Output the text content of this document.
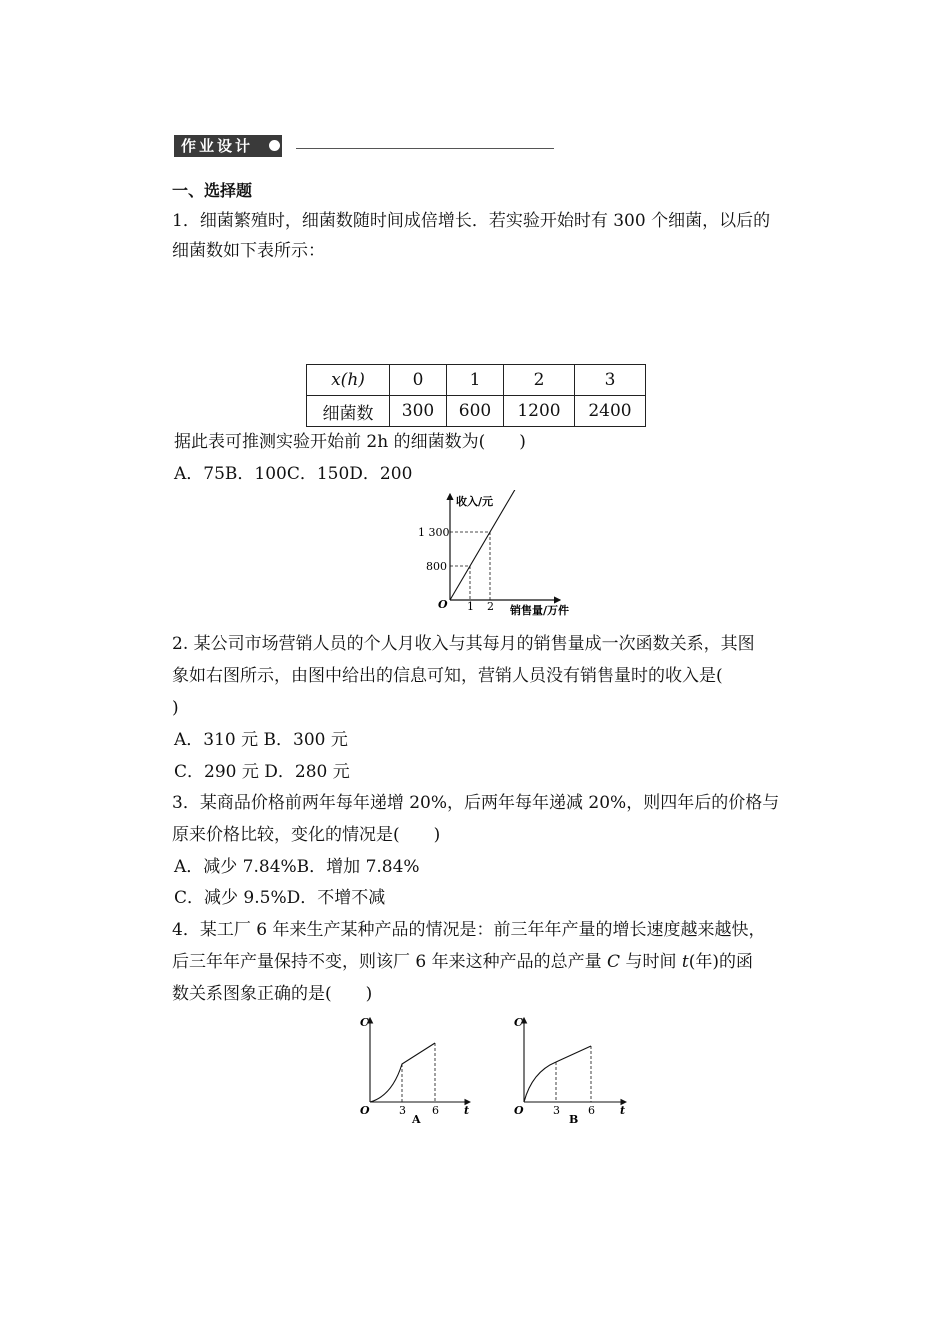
作业设计
一、选择题
1．细菌繁殖时，细菌数随时间成倍增长．若实验开始时有 300 个细菌，以后的
细菌数如下表所示：
x(h)	0	1	2	3
细菌数	300	600	1200	2400
据此表可推测实验开始前 2h 的细菌数为(　　)
A．75B．100C．150D．200
收入/元
销售量/万件
O
1 300
800
1 2
2. 某公司市场营销人员的个人月收入与其每月的销售量成一次函数关系，其图
象如右图所示，由图中给出的信息可知，营销人员没有销售量时的收入是(
)
A．310 元 B．300 元
C．290 元 D．280 元
3．某商品价格前两年每年递增 20%，后两年每年递减 20%，则四年后的价格与
原来价格比较，变化的情况是(　　)
A．减少 7.84%B．增加 7.84%
C．减少 9.5%D．不增不减
4．某工厂 6 年来生产某种产品的情况是：前三年年产量的增长速度越来越快，
后三年年产量保持不变，则该厂 6 年来这种产品的总产量 C 与时间 t(年)的函
数关系图象正确的是(　　)
C
t
O	3 6
A
C
t
O	3	6
B
